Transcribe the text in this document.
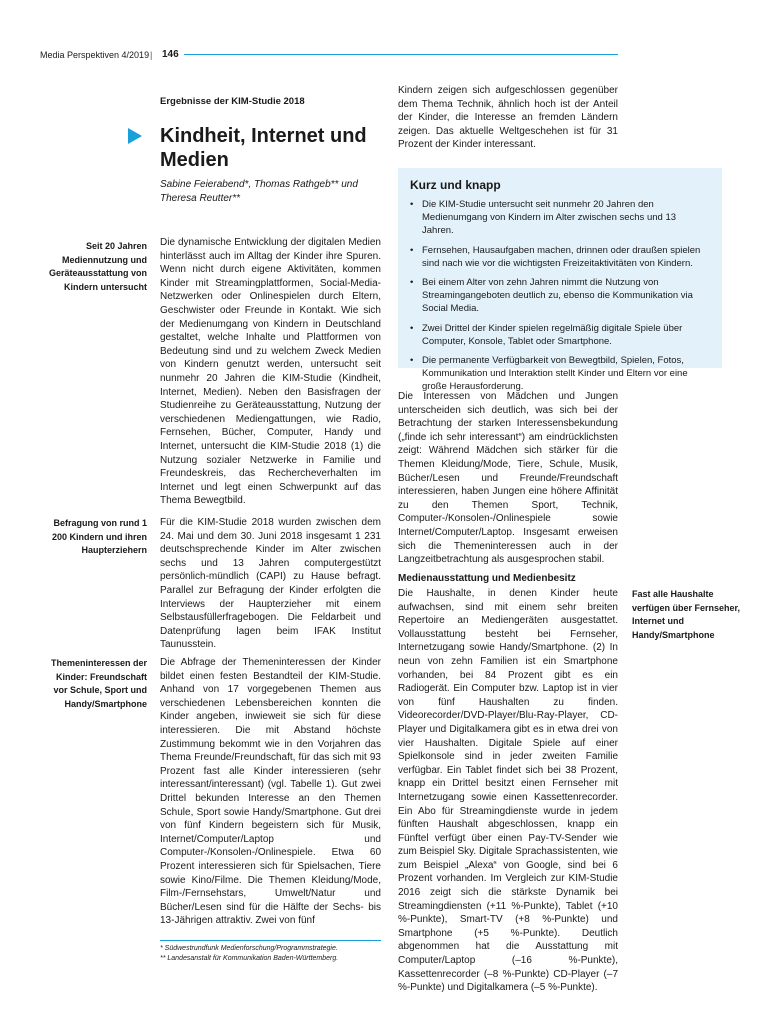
Media Perspektiven 4/2019 | 146
Ergebnisse der KIM-Studie 2018
Kindheit, Internet und Medien
Sabine Feierabend*, Thomas Rathgeb** und Theresa Reutter**
Seit 20 Jahren Mediennutzung und Geräteausstattung von Kindern untersucht
Befragung von rund 1 200 Kindern und ihren Haupterziehern
Themeninteressen der Kinder: Freundschaft vor Schule, Sport und Handy/Smartphone
Fast alle Haushalte verfügen über Fernseher, Internet und Handy/Smartphone

Die dynamische Entwicklung der digitalen Medien hinterlässt auch im Alltag der Kinder ihre Spuren. Wenn nicht durch eigene Aktivitäten, kommen Kinder mit Streamingplattformen, Social-Media-Netzwerken oder Onlinespielen durch Eltern, Geschwister oder Freunde in Kontakt. Wie sich der Medienumgang von Kindern in Deutschland gestaltet, welche Inhalte und Plattformen von Bedeutung sind und zu welchem Zweck Medien von Kindern genutzt werden, untersucht seit nunmehr 20 Jahren die KIM-Studie (Kindheit, Internet, Medien). Neben den Basisfragen der Studienreihe zu Geräteausstattung, Nutzung der verschiedenen Mediengattungen, wie Radio, Fernsehen, Bücher, Computer, Handy und Internet, untersucht die KIM-Studie 2018 (1) die Nutzung sozialer Netzwerke in Familie und Freundeskreis, das Rechercheverhalten im Internet und legt einen Schwerpunkt auf das Thema Bewegtbild.

Für die KIM-Studie 2018 wurden zwischen dem 24. Mai und dem 30. Juni 2018 insgesamt 1 231 deutschsprechende Kinder im Alter zwischen sechs und 13 Jahren computergestützt persönlich-mündlich (CAPI) zu Hause befragt. Parallel zur Befragung der Kinder erfolgten die Interviews der Haupterzieher mit einem Selbstausfüllerfragebogen. Die Feldarbeit und Datenprüfung lagen beim IFAK Institut Taunusstein.

Die Abfrage der Themeninteressen der Kinder bildet einen festen Bestandteil der KIM-Studie. Anhand von 17 vorgegebenen Themen aus verschiedenen Lebensbereichen konnten die Kinder angeben, inwieweit sie sich für diese interessieren. Die mit Abstand höchste Zustimmung bekommt wie in den Vorjahren das Thema Freunde/Freundschaft, für das sich mit 93 Prozent fast alle Kinder interessieren (sehr interessant/interessant) (vgl. Tabelle 1). Gut zwei Drittel bekunden Interesse an den Themen Schule, Sport sowie Handy/Smartphone. Gut drei von fünf Kindern begeistern sich für Musik, Internet/Computer/Laptop und Computer-/Konsolen-/Onlinespiele. Etwa 60 Prozent interessieren sich für Spielsachen, Tiere sowie Kino/Filme. Die Themen Kleidung/Mode, Film-/Fernsehstars, Umwelt/Natur und Bücher/Lesen sind für die Hälfte der Sechs- bis 13-Jährigen attraktiv. Zwei von fünf

* Südwestrundfunk Medienforschung/Programmstrategie.
** Landesanstalt für Kommunikation Baden-Württemberg.

Kindern zeigen sich aufgeschlossen gegenüber dem Thema Technik, ähnlich hoch ist der Anteil der Kinder, die Interesse an fremden Ländern zeigen. Das aktuelle Weltgeschehen ist für 31 Prozent der Kinder interessant.

Kurz und knapp
• Die KIM-Studie untersucht seit nunmehr 20 Jahren den Medienumgang von Kindern im Alter zwischen sechs und 13 Jahren.
• Fernsehen, Hausaufgaben machen, drinnen oder draußen spielen sind nach wie vor die wichtigsten Freizeitaktivitäten von Kindern.
• Bei einem Alter von zehn Jahren nimmt die Nutzung von Streamingangeboten deutlich zu, ebenso die Kommunikation via Social Media.
• Zwei Drittel der Kinder spielen regelmäßig digitale Spiele über Computer, Konsole, Tablet oder Smartphone.
• Die permanente Verfügbarkeit von Bewegtbild, Spielen, Fotos, Kommunikation und Interaktion stellt Kinder und Eltern vor eine große Herausforderung.

Die Interessen von Mädchen und Jungen unterscheiden sich deutlich, was sich bei der Betrachtung der starken Interessensbekundung („finde ich sehr interessant“) am eindrücklichsten zeigt: Während Mädchen sich stärker für die Themen Kleidung/Mode, Tiere, Schule, Musik, Bücher/Lesen und Freunde/Freundschaft interessieren, haben Jungen eine höhere Affinität zu den Themen Sport, Technik, Computer-/Konsolen-/Onlinespiele sowie Internet/Computer/Laptop. Insgesamt erweisen sich die Themeninteressen auch in der Langzeitbetrachtung als ausgesprochen stabil.

Medienausstattung und Medienbesitz

Die Haushalte, in denen Kinder heute aufwachsen, sind mit einem sehr breiten Repertoire an Mediengeräten ausgestattet. Vollausstattung besteht bei Fernseher, Internetzugang sowie Handy/Smartphone. (2) In neun von zehn Familien ist ein Smartphone vorhanden, bei 84 Prozent gibt es ein Radiogerät. Ein Computer bzw. Laptop ist in vier von fünf Haushalten zu finden. Videorecorder/DVD-Player/Blu-Ray-Player, CD-Player und Digitalkamera gibt es in etwa drei von vier Haushalten. Digitale Spiele auf einer Spielkonsole sind in jeder zweiten Familie verfügbar. Ein Tablet findet sich bei 38 Prozent, knapp ein Drittel besitzt einen Fernseher mit Internetzugang sowie einen Kassettenrecorder. Ein Abo für Streamingdienste wurde in jedem fünften Haushalt abgeschlossen, knapp ein Fünftel verfügt über einen Pay-TV-Sender wie zum Beispiel Sky. Digitale Sprachassistenten, wie zum Beispiel „Alexa“ von Google, sind bei 6 Prozent vorhanden. Im Vergleich zur KIM-Studie 2016 zeigt sich die stärkste Dynamik bei Streamingdiensten (+11 %-Punkte), Tablet (+10 %-Punkte), Smart-TV (+8 %-Punkte) und Smartphone (+5 %-Punkte). Deutlich abgenommen hat die Ausstattung mit Computer/Laptop (–16 %-Punkte), Kassettenrecorder (–8 %-Punkte) CD-Player (–7 %-Punkte) und Digitalkamera (–5 %-Punkte).
